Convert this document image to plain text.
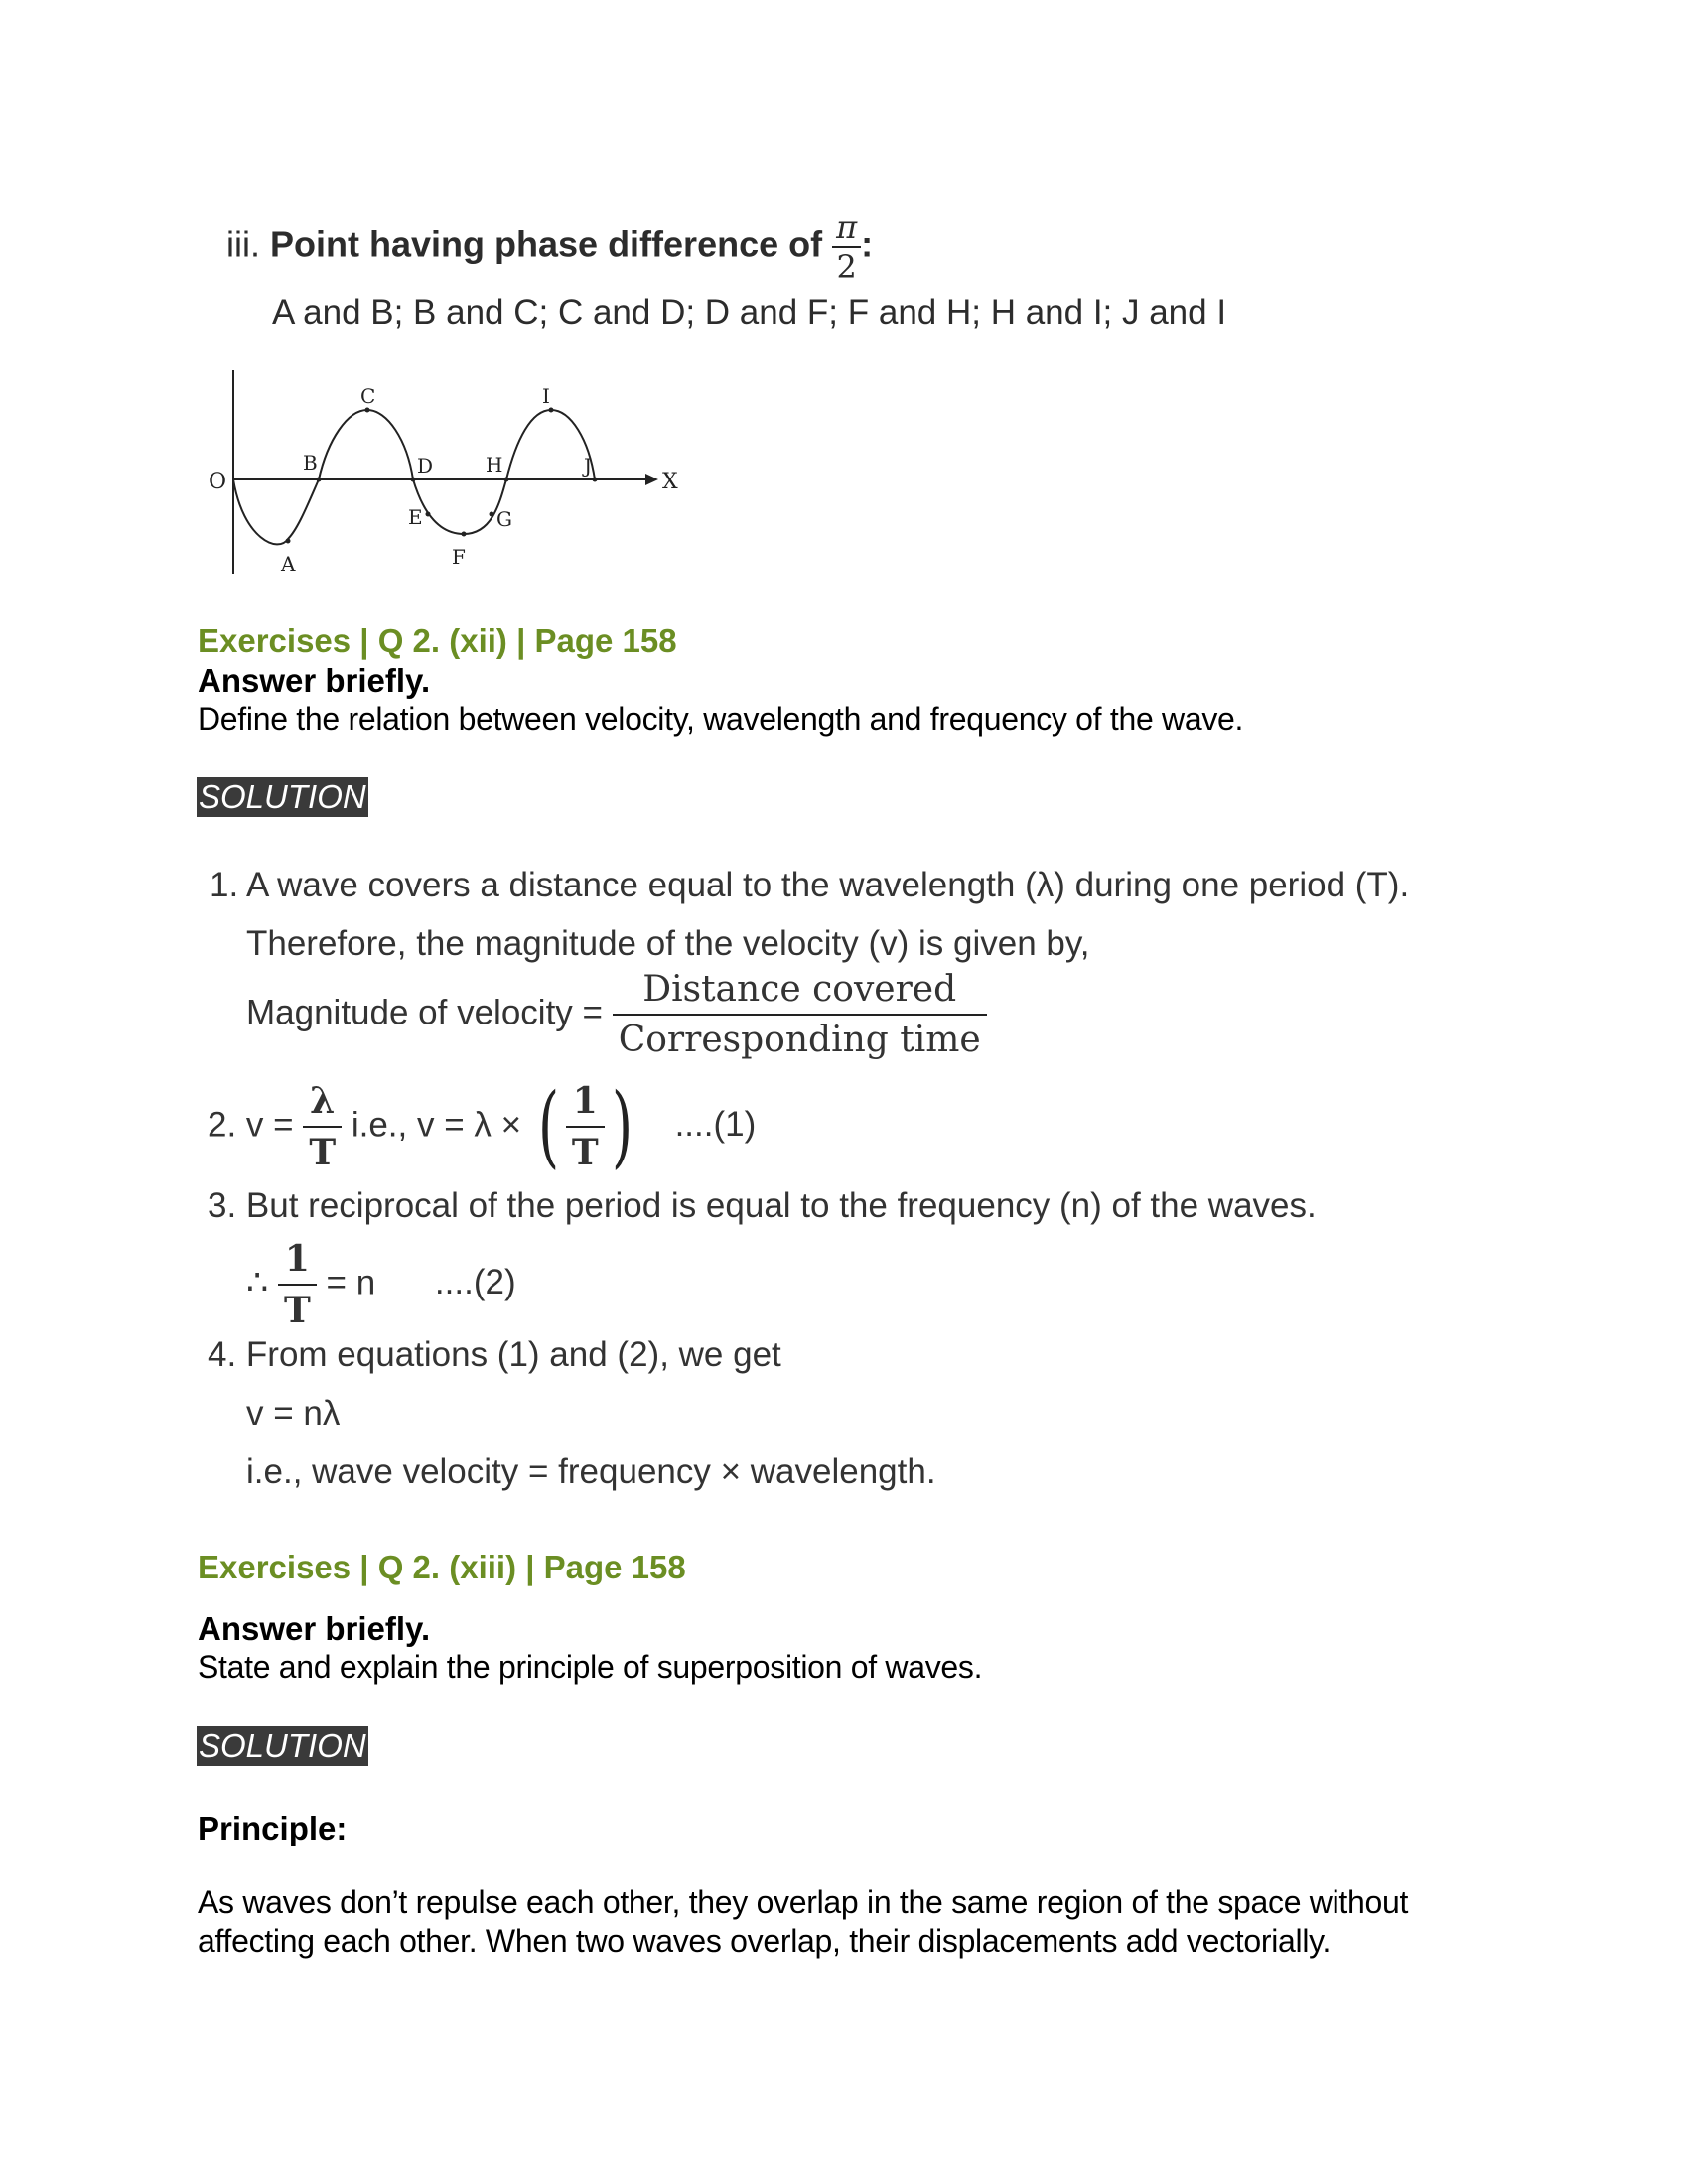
iii. Point having phase difference of $\frac{\pi}{2}$ :
A and B; B and C; C and D; D and F; F and H; H and I; J and I
O
A
B
C
D
E
F
G
H
I
J
X
Exercises | Q 2. (xii) | Page 158
Answer briefly.
Define the relation between velocity, wavelength and frequency of the wave.
SOLUTION
1. A wave covers a distance equal to the wavelength (λ) during one period (T).
Therefore, the magnitude of the velocity (v) is given by,
Magnitude of velocity =
Distance covered
Corresponding time
2. $v = \frac{\lambda}{T} i.e$., v = λ × ( $\frac{1}{T}$ ) ....(1)
3. But reciprocal of the period is equal to the frequency (n) of the waves.
∴ $\frac{1}{T} = n$ ....(2)
4. From equations (1) and (2), we get
v = nλ
i.e., wave velocity = frequency × wavelength.
Exercises | Q 2. (xiii) | Page 158
Answer briefly.
State and explain the principle of superposition of waves.
SOLUTION
Principle:
As waves don’t repulse each other, they overlap in the same region of the space without
affecting each other. When two waves overlap, their displacements add vectorially.
